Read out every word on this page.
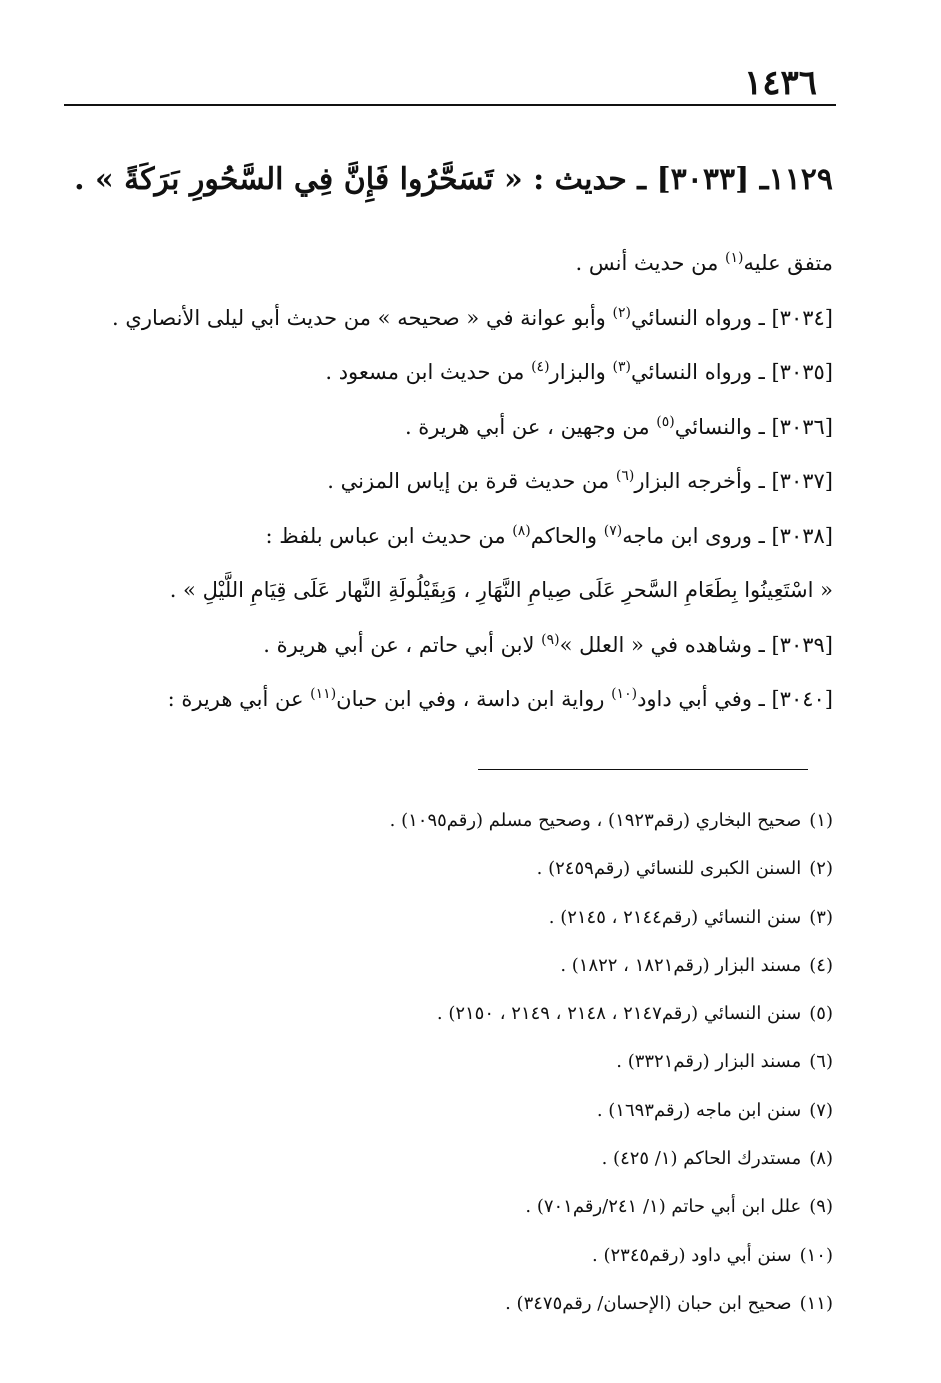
١٤٣٦
١١٢٩ـ [٣٠٣٣] ـ حديث : « تَسَحَّرُوا فَإِنَّ فِي السَّحُورِ بَرَكَةً » .

متفق عليه$^{(١)}$ من حديث أنس .

[٣٠٣٤] ـ ورواه النسائي$^{(٢)}$ وأبو عوانة في « صحيحه » من حديث أبي ليلى الأنصاري .

[٣٠٣٥] ـ ورواه النسائي$^{(٣)}$ والبزار$^{(٤)}$ من حديث ابن مسعود .

[٣٠٣٦] ـ والنسائي$^{(٥)}$ من وجهين ، عن أبي هريرة .

[٣٠٣٧] ـ وأخرجه البزار$^{(٦)}$ من حديث قرة بن إياس المزني .

[٣٠٣٨] ـ وروى ابن ماجه$^{(٧)}$ والحاكم$^{(٨)}$ من حديث ابن عباس بلفظ :

« اسْتَعِينُوا بِطَعَامِ السَّحرِ عَلَى صِيامِ النَّهَارِ ، وَبِقَيْلُولَةِ النَّهار عَلَى قِيَامِ اللَّيْلِ » .

[٣٠٣٩] ـ وشاهده في « العلل »$^{(٩)}$ لابن أبي حاتم ، عن أبي هريرة .

[٣٠٤٠] ـ وفي أبي داود$^{(١٠)}$ رواية ابن داسة ، وفي ابن حبان$^{(١١)}$ عن أبي هريرة :

(١)صحيح البخاري (رقم١٩٢٣) ، وصحيح مسلم (رقم١٠٩٥) .
(٢)السنن الكبرى للنسائي (رقم٢٤٥٩) .
(٣)سنن النسائي (رقم٢١٤٤ ، ٢١٤٥) .
(٤)مسند البزار (رقم١٨٢١ ، ١٨٢٢) .
(٥)سنن النسائي (رقم٢١٤٧ ، ٢١٤٨ ، ٢١٤٩ ، ٢١٥٠) .
(٦)مسند البزار (رقم٣٣٢١) .
(٧)سنن ابن ماجه (رقم١٦٩٣) .
(٨)مستدرك الحاكم (١/ ٤٢٥) .
(٩)علل ابن أبي حاتم (١/ ٢٤١/رقم٧٠١) .
(١٠)سنن أبي داود (رقم٢٣٤٥) .
(١١)صحيح ابن حبان (الإحسان/ رقم٣٤٧٥) .
